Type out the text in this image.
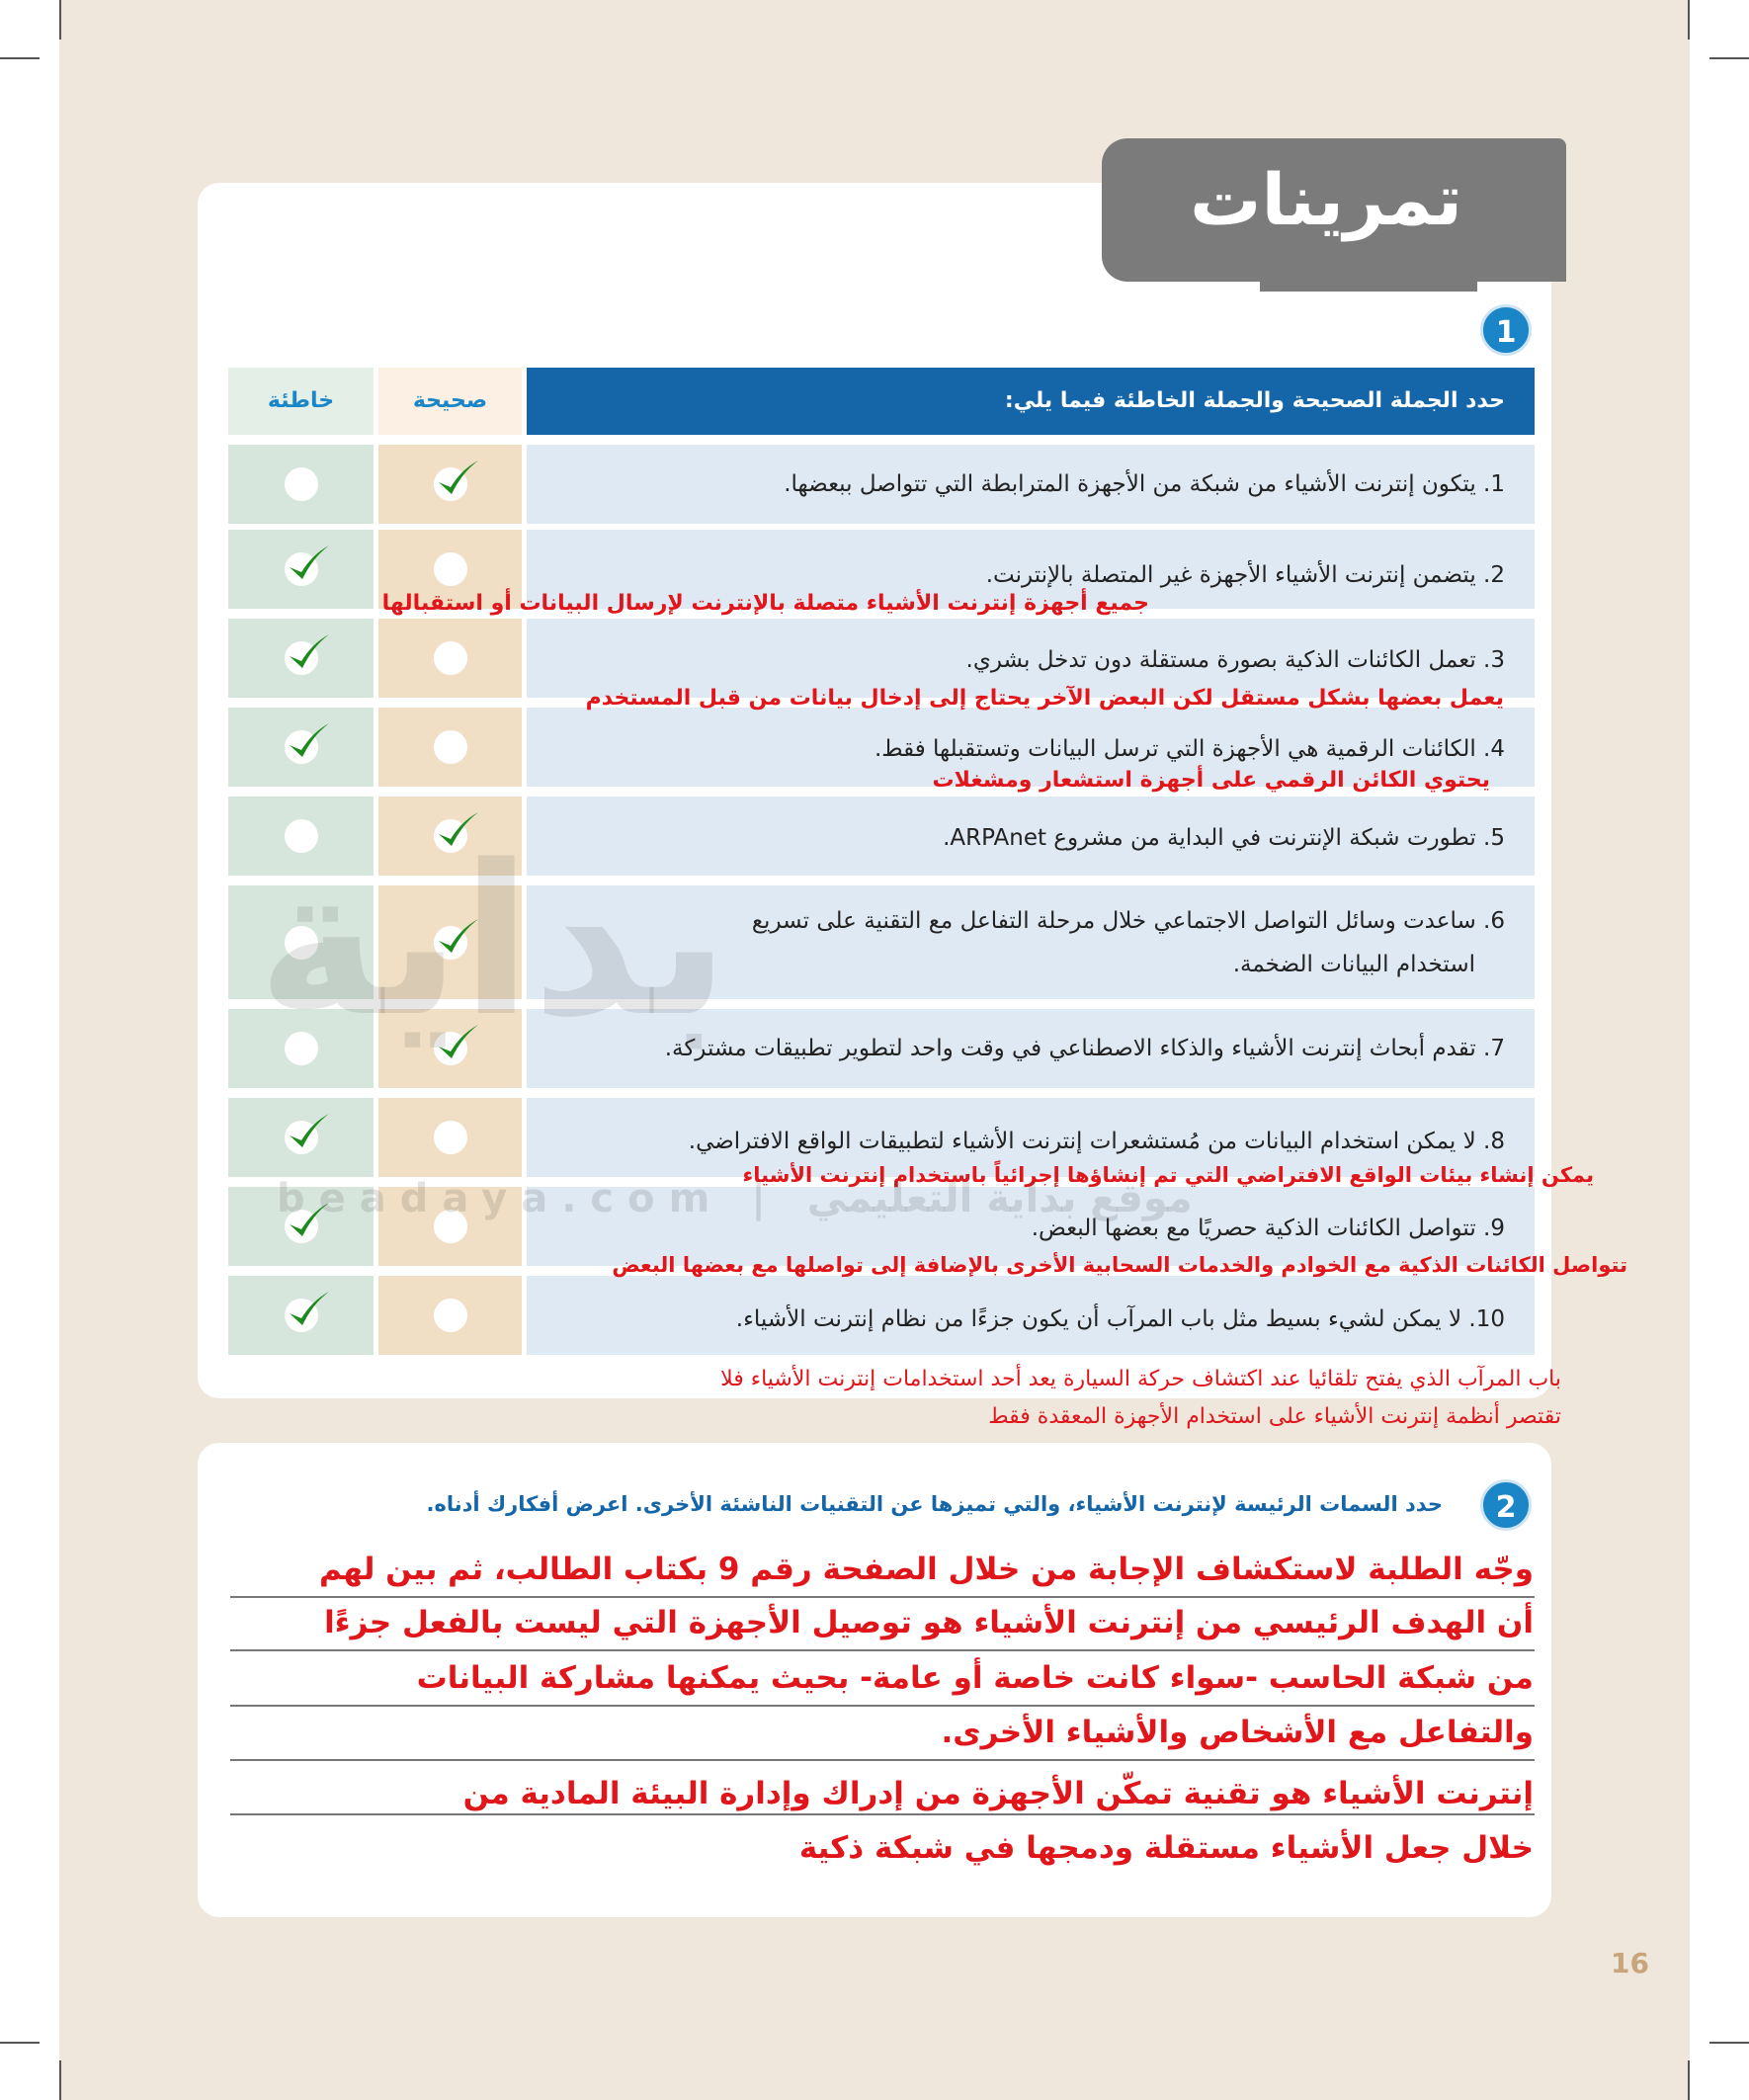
تمرينات
1
حدد الجملة الصحيحة والجملة الخاطئة فيما يلي:
صحيحة
خاطئة

1. يتكون إنترنت الأشياء من شبكة من الأجهزة المترابطة التي تتواصل ببعضها.

2. يتضمن إنترنت الأشياء الأجهزة غير المتصلة بالإنترنت.

3. تعمل الكائنات الذكية بصورة مستقلة دون تدخل بشري.

4. الكائنات الرقمية هي الأجهزة التي ترسل البيانات وتستقبلها فقط.

5. تطورت شبكة الإنترنت في البداية من مشروع ARPAnet.

6. ساعدت وسائل التواصل الاجتماعي خلال مرحلة التفاعل مع التقنية على تسريع

استخدام البيانات الضخمة.

7. تقدم أبحاث إنترنت الأشياء والذكاء الاصطناعي في وقت واحد لتطوير تطبيقات مشتركة.

8. لا يمكن استخدام البيانات من مُستشعرات إنترنت الأشياء لتطبيقات الواقع الافتراضي.

9. تتواصل الكائنات الذكية حصريًا مع بعضها البعض.

10. لا يمكن لشيء بسيط مثل باب المرآب أن يكون جزءًا من نظام إنترنت الأشياء.

جميع أجهزة إنترنت الأشياء متصلة بالإنترنت لإرسال البيانات أو استقبالها
يعمل بعضها بشكل مستقل لكن البعض الآخر يحتاج إلى إدخال بيانات من قبل المستخدم
يحتوي الكائن الرقمي على أجهزة استشعار ومشغلات
يمكن إنشاء بيئات الواقع الافتراضي التي تم إنشاؤها إجرائياً باستخدام إنترنت الأشياء
تتواصل الكائنات الذكية مع الخوادم والخدمات السحابية الأخرى بالإضافة إلى تواصلها مع بعضها البعض
باب المرآب الذي يفتح تلقائيا عند اكتشاف حركة السيارة يعد أحد استخدامات إنترنت الأشياء فلا
تقتصر أنظمة إنترنت الأشياء على استخدام الأجهزة المعقدة فقط
بداية
beadaya.com | موقع بداية التعليمي
2
حدد السمات الرئيسة لإنترنت الأشياء، والتي تميزها عن التقنيات الناشئة الأخرى. اعرض أفكارك أدناه.
وجّه الطلبة لاستكشاف الإجابة من خلال الصفحة رقم 9 بكتاب الطالب، ثم بين لهم
أن الهدف الرئيسي من إنترنت الأشياء هو توصيل الأجهزة التي ليست بالفعل جزءًا
من شبكة الحاسب -سواء كانت خاصة أو عامة- بحيث يمكنها مشاركة البيانات
والتفاعل مع الأشخاص والأشياء الأخرى.
إنترنت الأشياء هو تقنية تمكّن الأجهزة من إدراك وإدارة البيئة المادية من
خلال جعل الأشياء مستقلة ودمجها في شبكة ذكية
16
